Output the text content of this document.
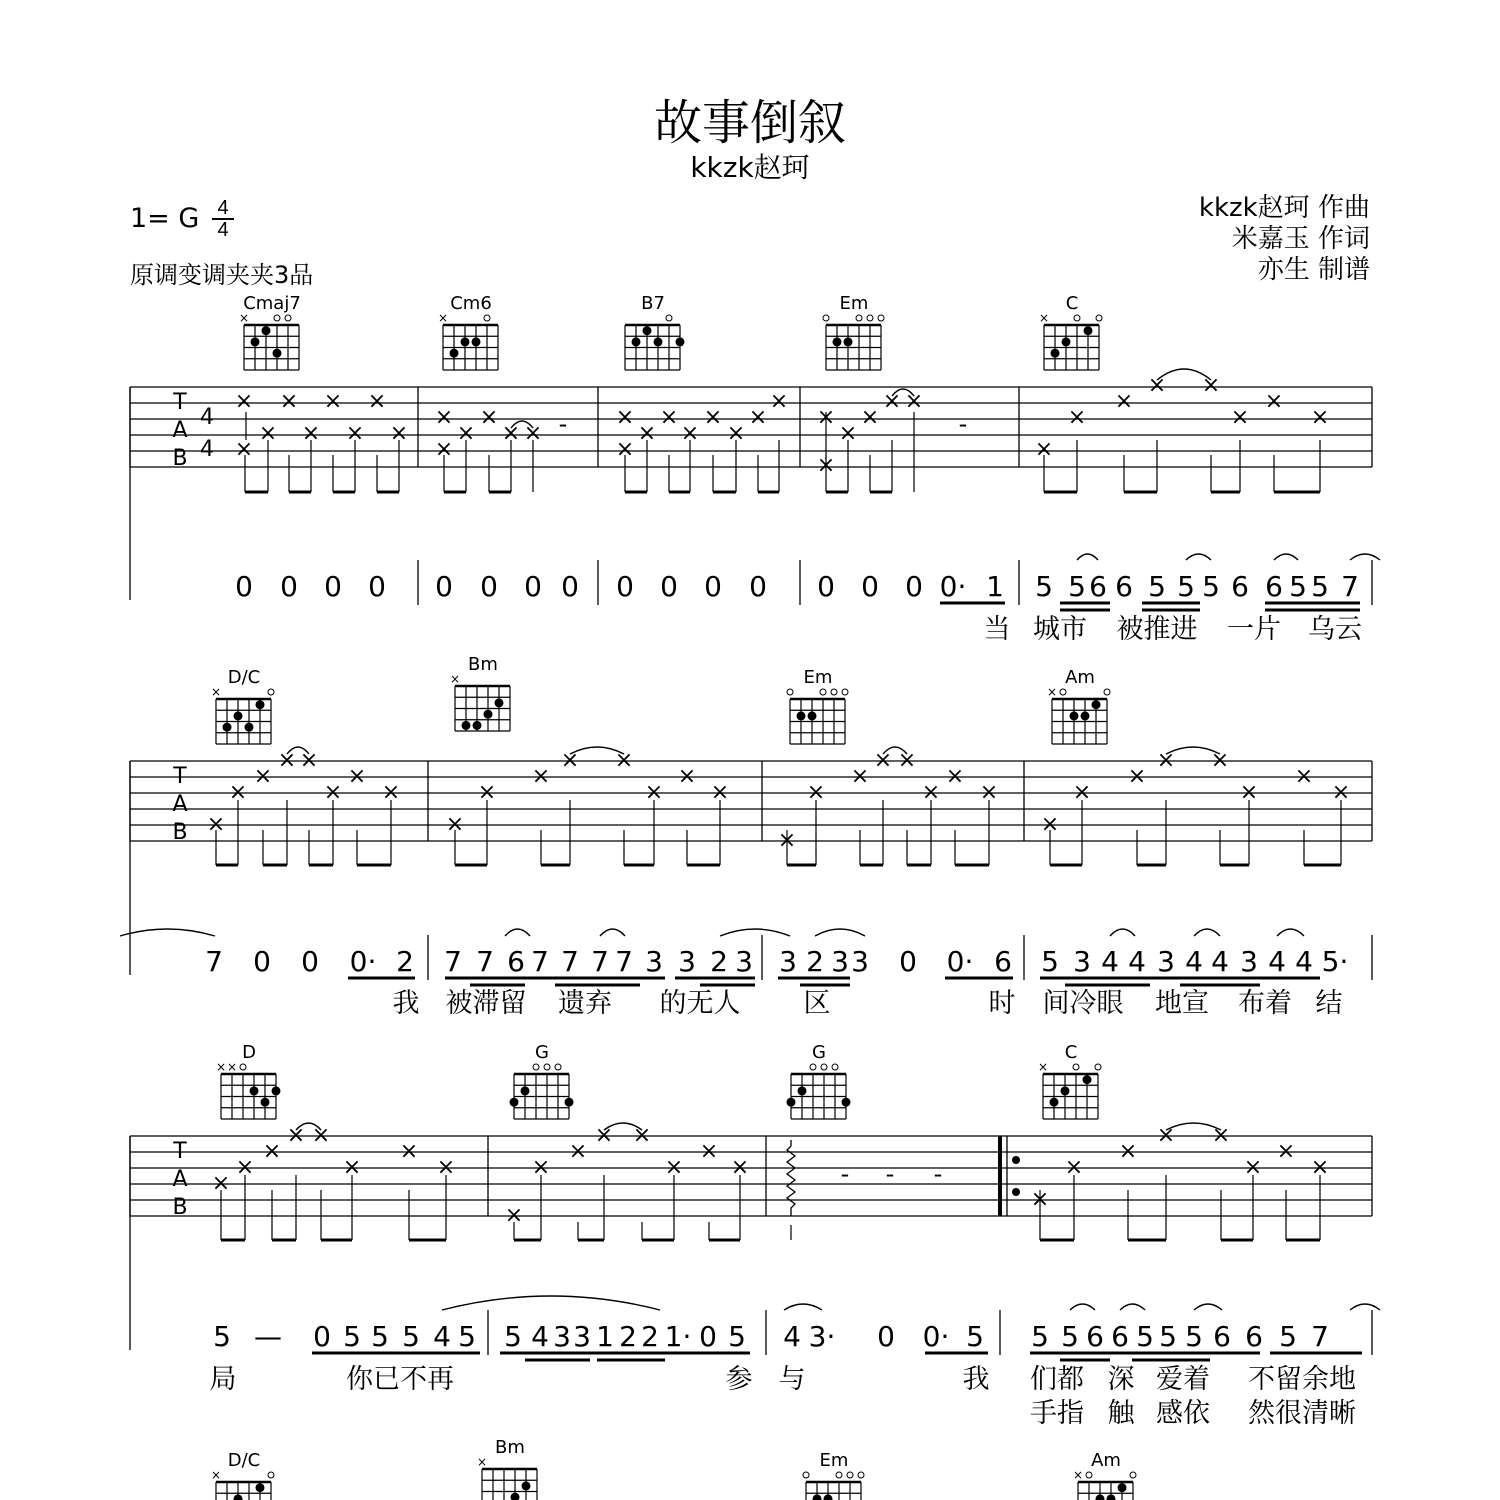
故事倒叙
kkzk赵珂
1= G $\frac{4}{4}$
原调变调夹夹3品
kkzk赵珂 作曲
米嘉玉 作词
亦生 制谱
Cmaj7
×
Cm6
×
B7	Em	C
×
T
A
B
×
×
×
×
×
×
×
×
×
×
×
×
×
× ×
×
×
×
×
×
×
×
×
×
×
×
×
×
× ×
×
×
×
× ×
×
×
×
-	-
4
4
0 0 0 0 0 0 0 0 0 0 0 0 0 0 0 0· 1 5 5 6 6 5 5 5 6 6 5 5 7
当 城市 被推进 一片 乌云
D/C
×
Bm
×	Em	Am
×
T
A
B ×
×
×
× ×
×
×
×
×
×
×
× ×
×
×
×
×
×
×
× ×
×
×
×
×
×
×
× ×
×
×
×
7 0 0 0· 2 7 7 6 7 7 7 7 3 3 2 3 3 2 3 3 0 0· 6 5 3 4 4 3 4 4 3 4 4 5·
我 被滞留 遗弃 的无人 区	时 间冷眼 地宣 布着 结
D
× ×
G	G	C
×
T
A
B
×
×
×
× ×
×
×
×
×
×
×
× ×
×
×
×
×
×
×
× ×
×
×
×
- - -
5 — 0 5 5 5 4 5 5 4 3 3 1 2 2 1· 0 5 4 3· 0 0· 5 5 5 6 6 5 5 5 6 6 5 7
局	你已不再	参 与	我 们都 深 爱着 不留余地
手指 触 感依 然很清晰
D/C
×
Bm
×	Em	Am
×
